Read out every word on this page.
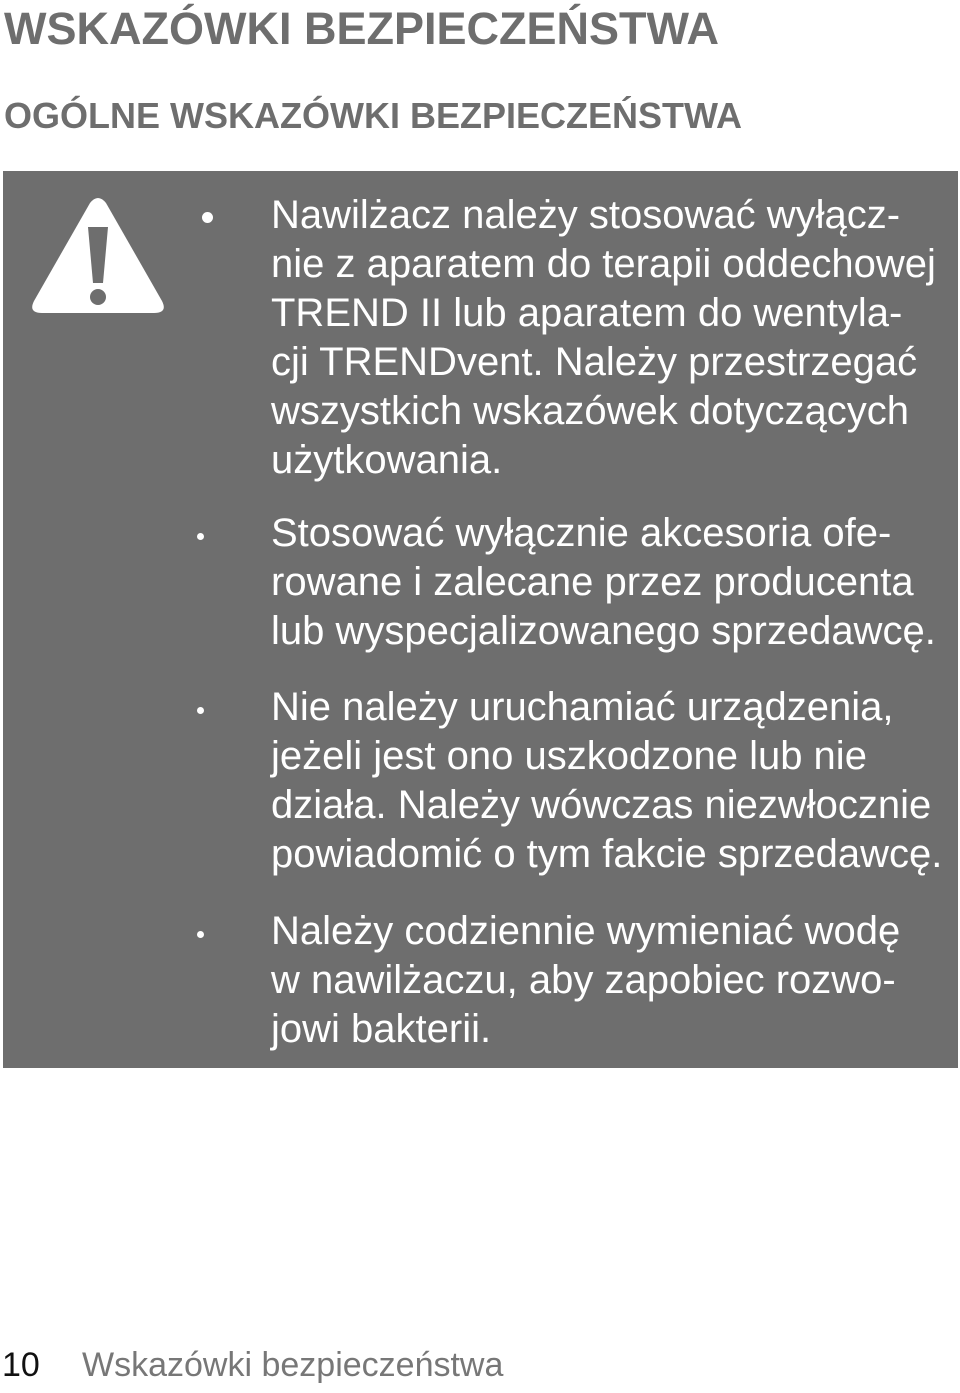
WSKAZÓWKI BEZPIECZEŃSTWA
OGÓLNE WSKAZÓWKI BEZPIECZEŃSTWA

Nawilżacz należy stosować wyłącz-
nie z aparatem do terapii oddechowej
TREND II lub aparatem do wentyla-
cji TRENDvent. Należy przestrzegać
wszystkich wskazówek dotyczących
użytkowania.

Stosować wyłącznie akcesoria ofe-
rowane i zalecane przez producenta
lub wyspecjalizowanego sprzedawcę.

Nie należy uruchamiać urządzenia,
jeżeli jest ono uszkodzone lub nie
działa. Należy wówczas niezwłocznie
powiadomić o tym fakcie sprzedawcę.

Należy codziennie wymieniać wodę
w nawilżaczu, aby zapobiec rozwo-
jowi bakterii.

10 Wskazówki bezpieczeństwa
